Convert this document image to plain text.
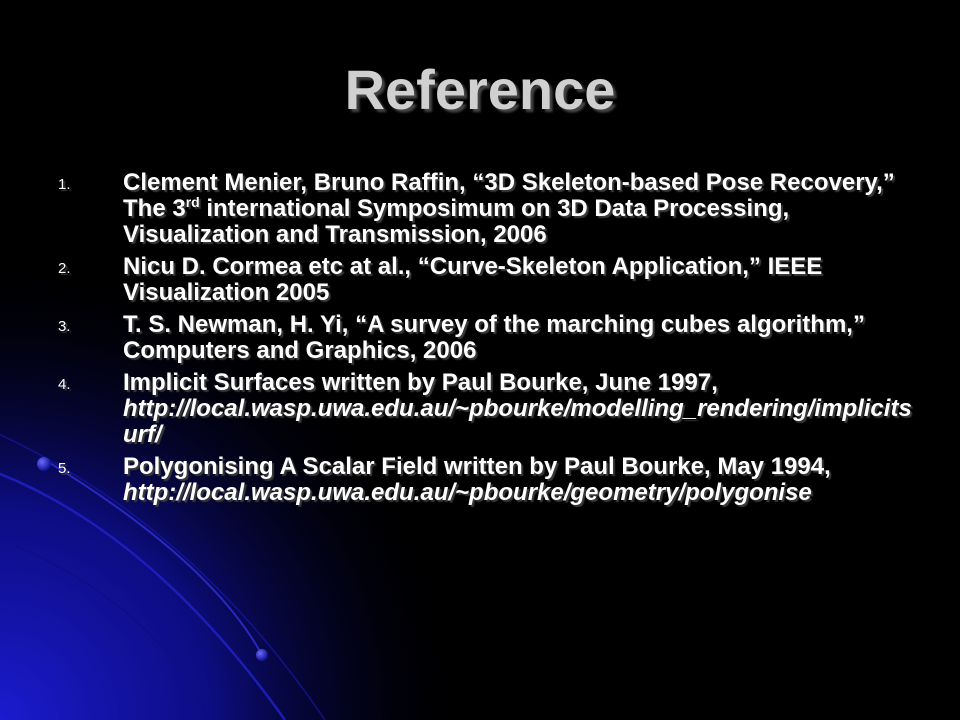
Reference
1. Clement Menier, Bruno Raffin, “3D Skeleton-based Pose Recovery,” The 3rd international Symposimum on 3D Data Processing, Visualization and Transmission, 2006
2. Nicu D. Cormea etc at al., “Curve-Skeleton Application,” IEEE Visualization 2005
3. T. S. Newman, H. Yi, “A survey of the marching cubes algorithm,” Computers and Graphics, 2006
4. Implicit Surfaces written by Paul Bourke, June 1997,
http://local.wasp.uwa.edu.au/~pbourke/modelling_rendering/implicitsurf/
5. Polygonising A Scalar Field written by Paul Bourke, May 1994,
http://local.wasp.uwa.edu.au/~pbourke/geometry/polygonise
